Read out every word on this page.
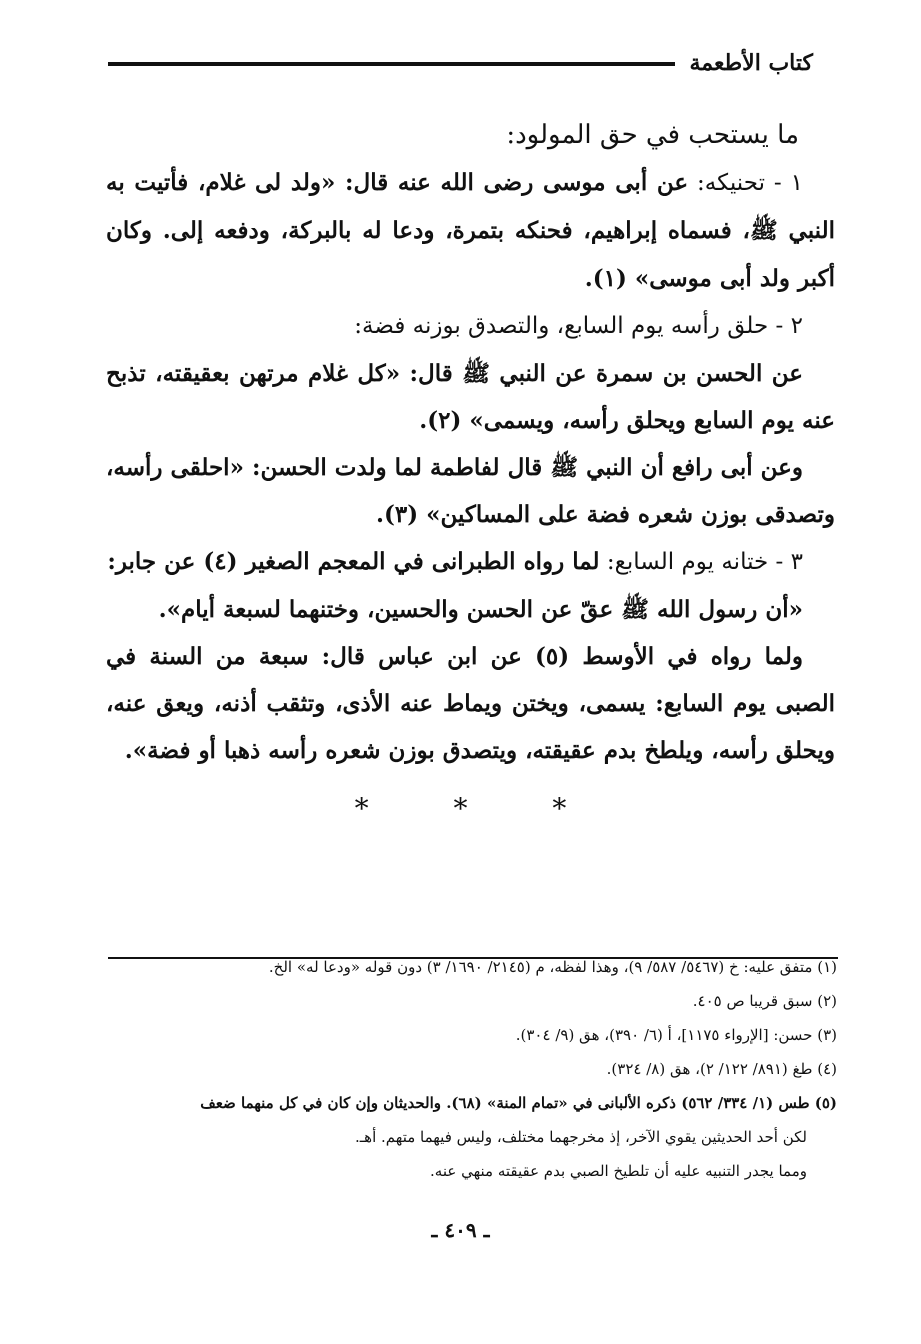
كتاب الأطعمة

ما يستحب في حق المولود:

١ - تحنيكه: عن أبى موسى رضى الله عنه قال: «ولد لى غلام، فأتيت به النبي ﷺ، فسماه إبراهيم، فحنكه بتمرة، ودعا له بالبركة، ودفعه إلى. وكان أكبر ولد أبى موسى» (١).

٢ - حلق رأسه يوم السابع، والتصدق بوزنه فضة:

عن الحسن بن سمرة عن النبي ﷺ قال: «كل غلام مرتهن بعقيقته، تذبح عنه يوم السابع ويحلق رأسه، ويسمى» (٢).

وعن أبى رافع أن النبي ﷺ قال لفاطمة لما ولدت الحسن: «احلقى رأسه، وتصدقى بوزن شعره فضة على المساكين» (٣).

٣ - ختانه يوم السابع: لما رواه الطبرانى في المعجم الصغير (٤) عن جابر:

«أن رسول الله ﷺ عقّ عن الحسن والحسين، وختنهما لسبعة أيام».

ولما رواه في الأوسط (٥) عن ابن عباس قال: سبعة من السنة في الصبى يوم السابع: يسمى، ويختن ويماط عنه الأذى، وتثقب أذنه، ويعق عنه، ويحلق رأسه، ويلطخ بدم عقيقته، ويتصدق بوزن شعره رأسه ذهبا أو فضة».

* * *

(١) متفق عليه: خ (٥٤٦٧/ ٥٨٧/ ٩)، وهذا لفظه، م (٢١٤٥/ ١٦٩٠/ ٣) دون قوله «ودعا له» الخ.

(٢) سبق قريبا ص ٤٠٥.

(٣) حسن: [الإرواء ١١٧٥]، أ (٦/ ٣٩٠)، هق (٩/ ٣٠٤).

(٤) طغ (٨٩١/ ١٢٢/ ٢)، هق (٨/ ٣٢٤).

(٥) طس (١/ ٣٣٤/ ٥٦٢) ذكره الألبانى في «تمام المنة» (٦٨). والحديثان وإن كان في كل منهما ضعف

لكن أحد الحديثين يقوي الآخر، إذ مخرجهما مختلف، وليس فيهما متهم. أهـ.

ومما يجدر التنبيه عليه أن تلطيخ الصبي بدم عقيقته منهي عنه.

ـ ٤٠٩ ـ
